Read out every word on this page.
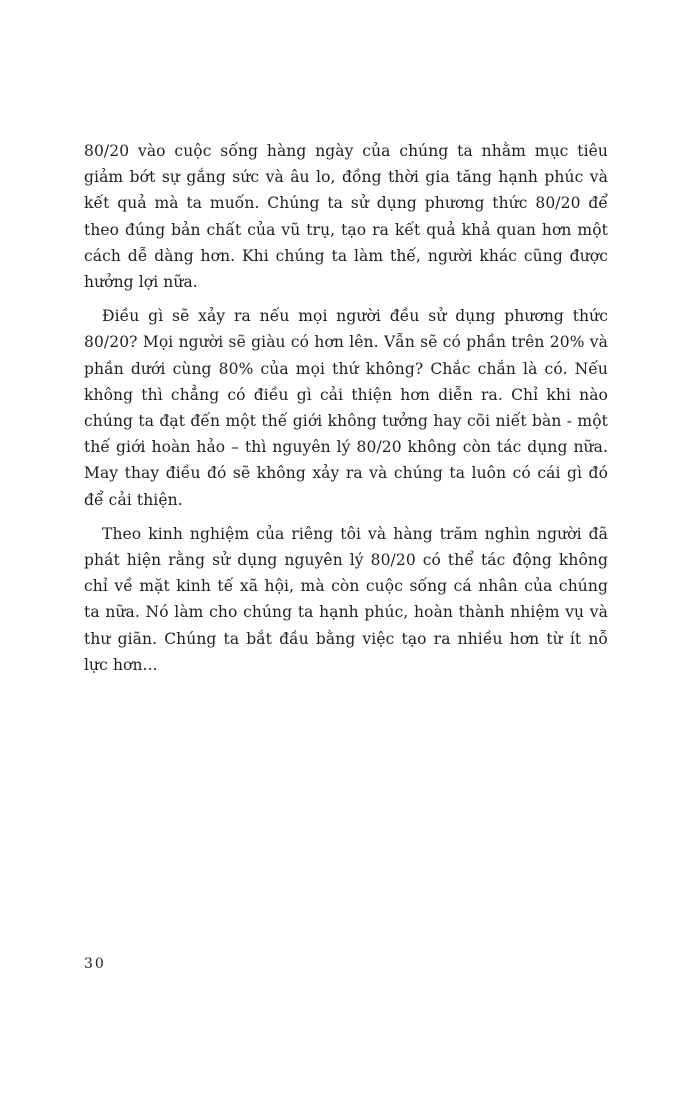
80/20 vào cuộc sống hàng ngày của chúng ta nhằm mục tiêu giảm bớt sự gắng sức và âu lo, đồng thời gia tăng hạnh phúc và kết quả mà ta muốn. Chúng ta sử dụng phương thức 80/20 để theo đúng bản chất của vũ trụ, tạo ra kết quả khả quan hơn một cách dễ dàng hơn. Khi chúng ta làm thế, người khác cũng được hưởng lợi nữa.

Điều gì sẽ xảy ra nếu mọi người đều sử dụng phương thức 80/20? Mọi người sẽ giàu có hơn lên. Vẫn sẽ có phần trên 20% và phần dưới cùng 80% của mọi thứ không? Chắc chắn là có. Nếu không thì chẳng có điều gì cải thiện hơn diễn ra. Chỉ khi nào chúng ta đạt đến một thế giới không tưởng hay cõi niết bàn - một thế giới hoàn hảo – thì nguyên lý 80/20 không còn tác dụng nữa. May thay điều đó sẽ không xảy ra và chúng ta luôn có cái gì đó để cải thiện.

Theo kinh nghiệm của riêng tôi và hàng trăm nghìn người đã phát hiện rằng sử dụng nguyên lý 80/20 có thể tác động không chỉ về mặt kinh tế xã hội, mà còn cuộc sống cá nhân của chúng ta nữa. Nó làm cho chúng ta hạnh phúc, hoàn thành nhiệm vụ và thư giãn. Chúng ta bắt đầu bằng việc tạo ra nhiều hơn từ ít nỗ lực hơn...

30
